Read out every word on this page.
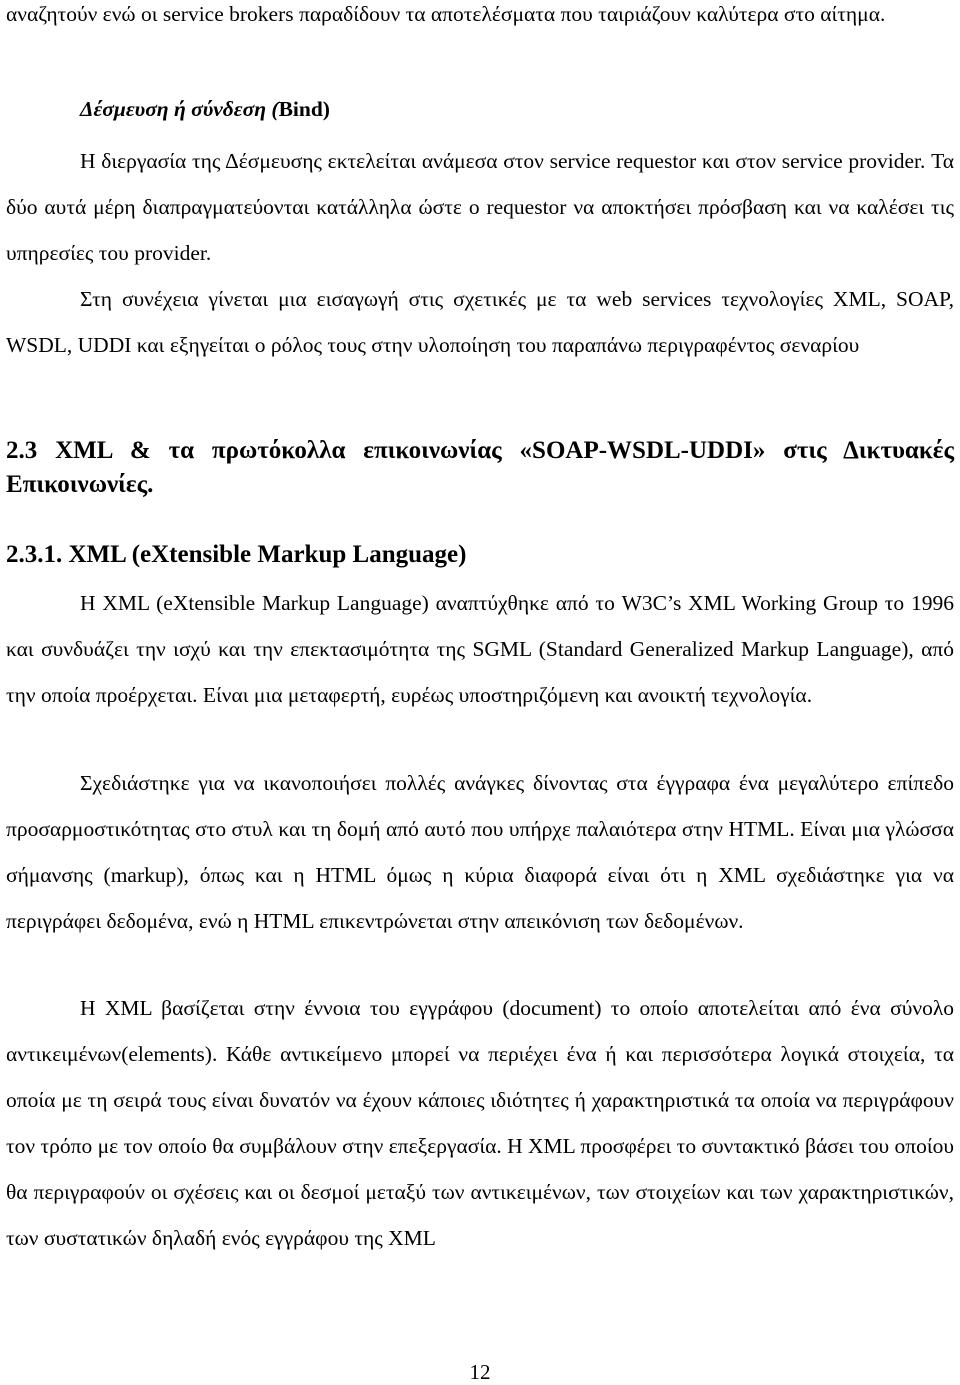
αναζητούν ενώ οι service brokers παραδίδουν τα αποτελέσματα που ταιριάζουν καλύτερα στο αίτημα.

Δέσμευση ή σύνδεση (Bind)

Η διεργασία της Δέσμευσης εκτελείται ανάμεσα στον service requestor και στον service provider. Τα δύο αυτά μέρη διαπραγματεύονται κατάλληλα ώστε ο requestor να αποκτήσει πρόσβαση και να καλέσει τις υπηρεσίες του provider.

Στη συνέχεια γίνεται μια εισαγωγή στις σχετικές με τα web services τεχνολογίες XML, SOAP, WSDL, UDDI και εξηγείται ο ρόλος τους στην υλοποίηση του παραπάνω περιγραφέντος σεναρίου

2.3 XML & τα πρωτόκολλα επικοινωνίας «SOAP-WSDL-UDDI» στις Δικτυακές Επικοινωνίες.

2.3.1. XML (eXtensible Markup Language)

Η XML (eXtensible Markup Language) αναπτύχθηκε από το W3C’s XML Working Group το 1996 και συνδυάζει την ισχύ και την επεκτασιμότητα της SGML (Standard Generalized Markup Language), από την οποία προέρχεται. Είναι μια μεταφερτή, ευρέως υποστηριζόμενη και ανοικτή τεχνολογία.

Σχεδιάστηκε για να ικανοποιήσει πολλές ανάγκες δίνοντας στα έγγραφα ένα μεγαλύτερο επίπεδο προσαρμοστικότητας στο στυλ και τη δομή από αυτό που υπήρχε παλαιότερα στην HTML. Είναι μια γλώσσα σήμανσης (markup), όπως και η HTML όμως η κύρια διαφορά είναι ότι η XML σχεδιάστηκε για να περιγράφει δεδομένα, ενώ η HTML επικεντρώνεται στην απεικόνιση των δεδομένων.

Η XML βασίζεται στην έννοια του εγγράφου (document) το οποίο αποτελείται από ένα σύνολο αντικειμένων(elements). Κάθε αντικείμενο μπορεί να περιέχει ένα ή και περισσότερα λογικά στοιχεία, τα οποία με τη σειρά τους είναι δυνατόν να έχουν κάποιες ιδιότητες ή χαρακτηριστικά τα οποία να περιγράφουν τον τρόπο με τον οποίο θα συμβάλουν στην επεξεργασία. Η XML προσφέρει το συντακτικό βάσει του οποίου θα περιγραφούν οι σχέσεις και οι δεσμοί μεταξύ των αντικειμένων, των στοιχείων και των χαρακτηριστικών, των συστατικών δηλαδή ενός εγγράφου της XML

12
